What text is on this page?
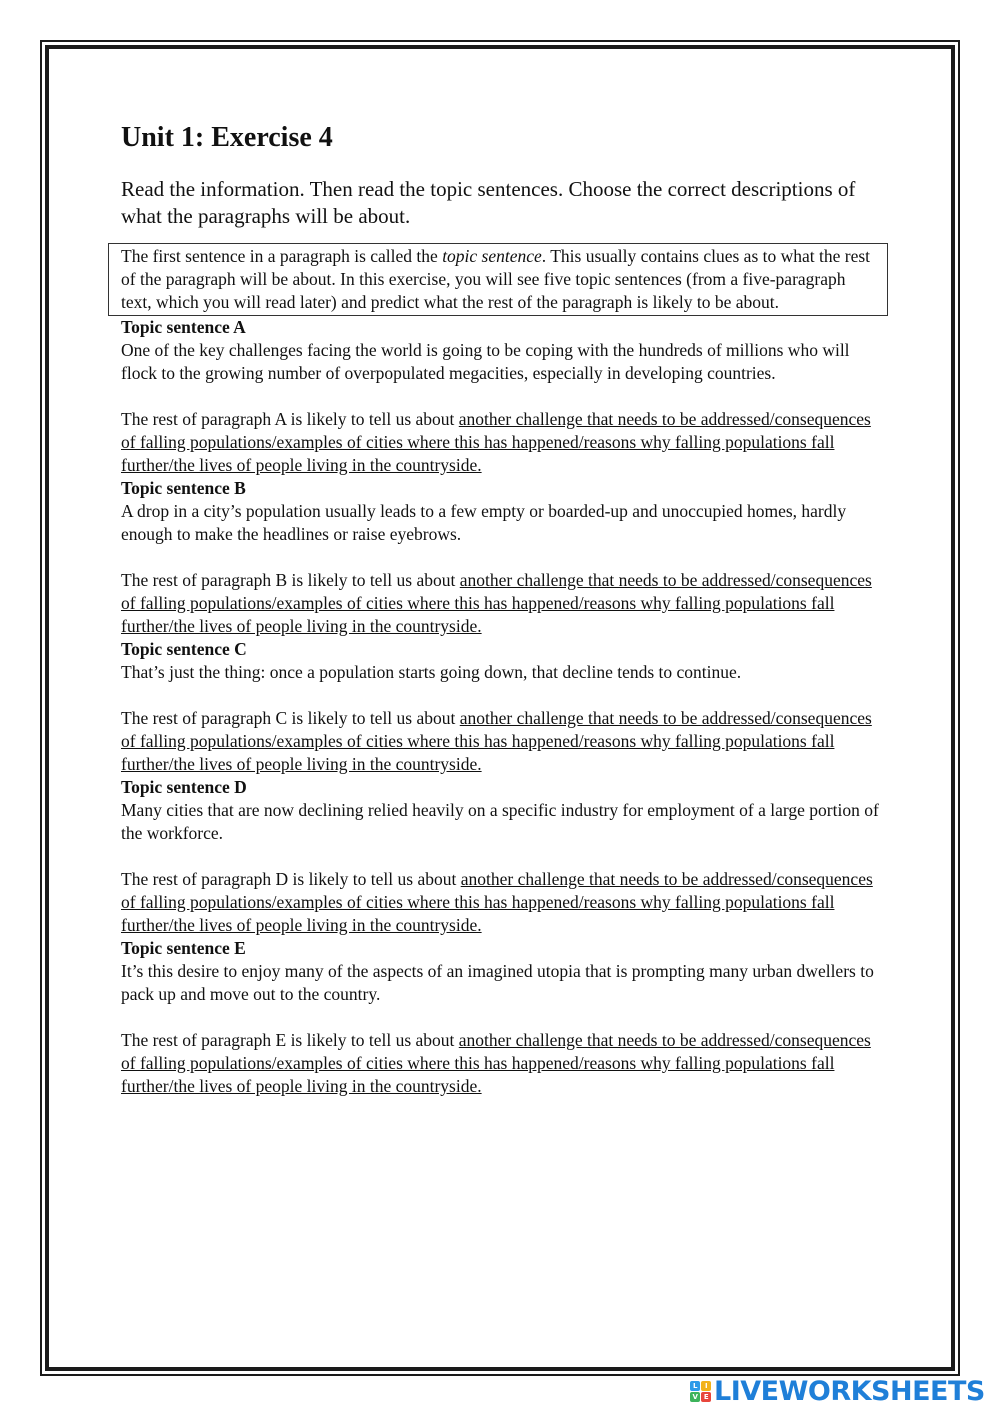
Unit 1: Exercise 4

Read the information. Then read the topic sentences. Choose the correct descriptions of what the paragraphs will be about.

The first sentence in a paragraph is called the topic sentence. This usually contains clues as to what the rest of the paragraph will be about. In this exercise, you will see five topic sentences (from a five-paragraph text, which you will read later) and predict what the rest of the paragraph is likely to be about.
Topic sentence A
One of the key challenges facing the world is going to be coping with the hundreds of millions who will flock to the growing number of overpopulated megacities, especially in developing countries.
The rest of paragraph A is likely to tell us about another challenge that needs to be addressed/consequences of falling populations/examples of cities where this has happened/reasons why falling populations fall further/the lives of people living in the countryside.
Topic sentence B
A drop in a city’s population usually leads to a few empty or boarded-up and unoccupied homes, hardly enough to make the headlines or raise eyebrows.
The rest of paragraph B is likely to tell us about another challenge that needs to be addressed/consequences of falling populations/examples of cities where this has happened/reasons why falling populations fall further/the lives of people living in the countryside.
Topic sentence C
That’s just the thing: once a population starts going down, that decline tends to continue.
The rest of paragraph C is likely to tell us about another challenge that needs to be addressed/consequences of falling populations/examples of cities where this has happened/reasons why falling populations fall further/the lives of people living in the countryside.
Topic sentence D
Many cities that are now declining relied heavily on a specific industry for employment of a large portion of the workforce.
The rest of paragraph D is likely to tell us about another challenge that needs to be addressed/consequences of falling populations/examples of cities where this has happened/reasons why falling populations fall further/the lives of people living in the countryside.
Topic sentence E
It’s this desire to enjoy many of the aspects of an imagined utopia that is prompting many urban dwellers to pack up and move out to the country.
The rest of paragraph E is likely to tell us about another challenge that needs to be addressed/consequences of falling populations/examples of cities where this has happened/reasons why falling populations fall further/the lives of people living in the countryside.
L	I
V E LIVEWORKSHEETS
